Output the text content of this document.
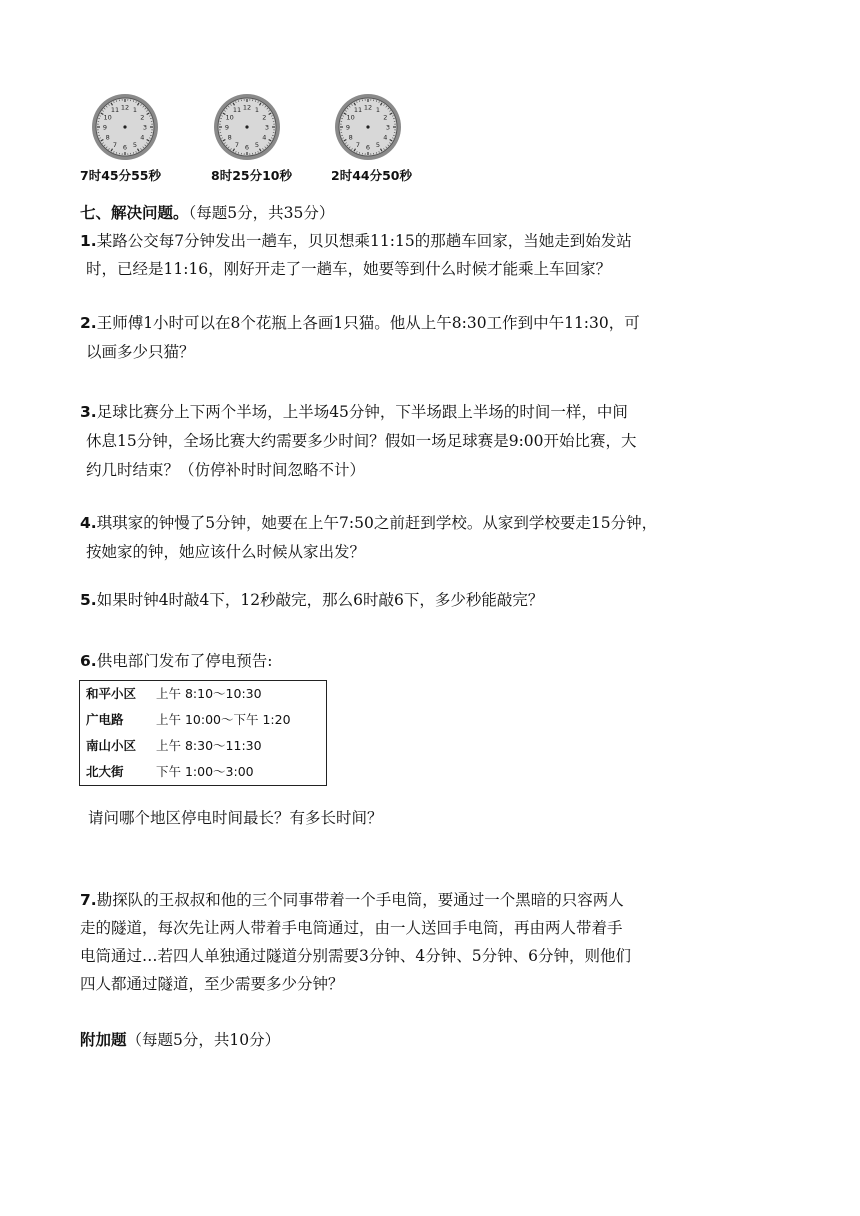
1
2
3
4
5
6
7
8
9
10
11 12
7时45分55秒
1
2
3
4
5
6
7
8
9
10
11 12
8时25分10秒
1
2
3
4
5
6
7
8
9
10
11 12
2时44分50秒
七、解决问题。（每题5分，共35分）
1.某路公交每7分钟发出一趟车，贝贝想乘11:15的那趟车回家，当她走到始发站
时，已经是11:16，刚好开走了一趟车，她要等到什么时候才能乘上车回家？
2.王师傅1小时可以在8个花瓶上各画1只猫。他从上午8:30工作到中午11:30，可
以画多少只猫？
3.足球比赛分上下两个半场，上半场45分钟，下半场跟上半场的时间一样，中间
休息15分钟，全场比赛大约需要多少时间？假如一场足球赛是9:00开始比赛，大
约几时结束？（仿停补时时间忽略不计）
4.琪琪家的钟慢了5分钟，她要在上午7:50之前赶到学校。从家到学校要走15分钟，
按她家的钟，她应该什么时候从家出发？
5.如果时钟4时敲4下，12秒敲完，那么6时敲6下，多少秒能敲完？
6.供电部门发布了停电预告:
和平小区 上午 8:10～10:30
广电路	上午 10:00～下午 1:20
南山小区 上午 8:30～11:30
北大街	下午 1:00～3:00
请问哪个地区停电时间最长？有多长时间？
7.勘探队的王叔叔和他的三个同事带着一个手电筒，要通过一个黑暗的只容两人
走的隧道，每次先让两人带着手电筒通过，由一人送回手电筒，再由两人带着手
电筒通过…若四人单独通过隧道分别需要3分钟、4分钟、5分钟、6分钟，则他们
四人都通过隧道，至少需要多少分钟？
附加题（每题5分，共10分）
